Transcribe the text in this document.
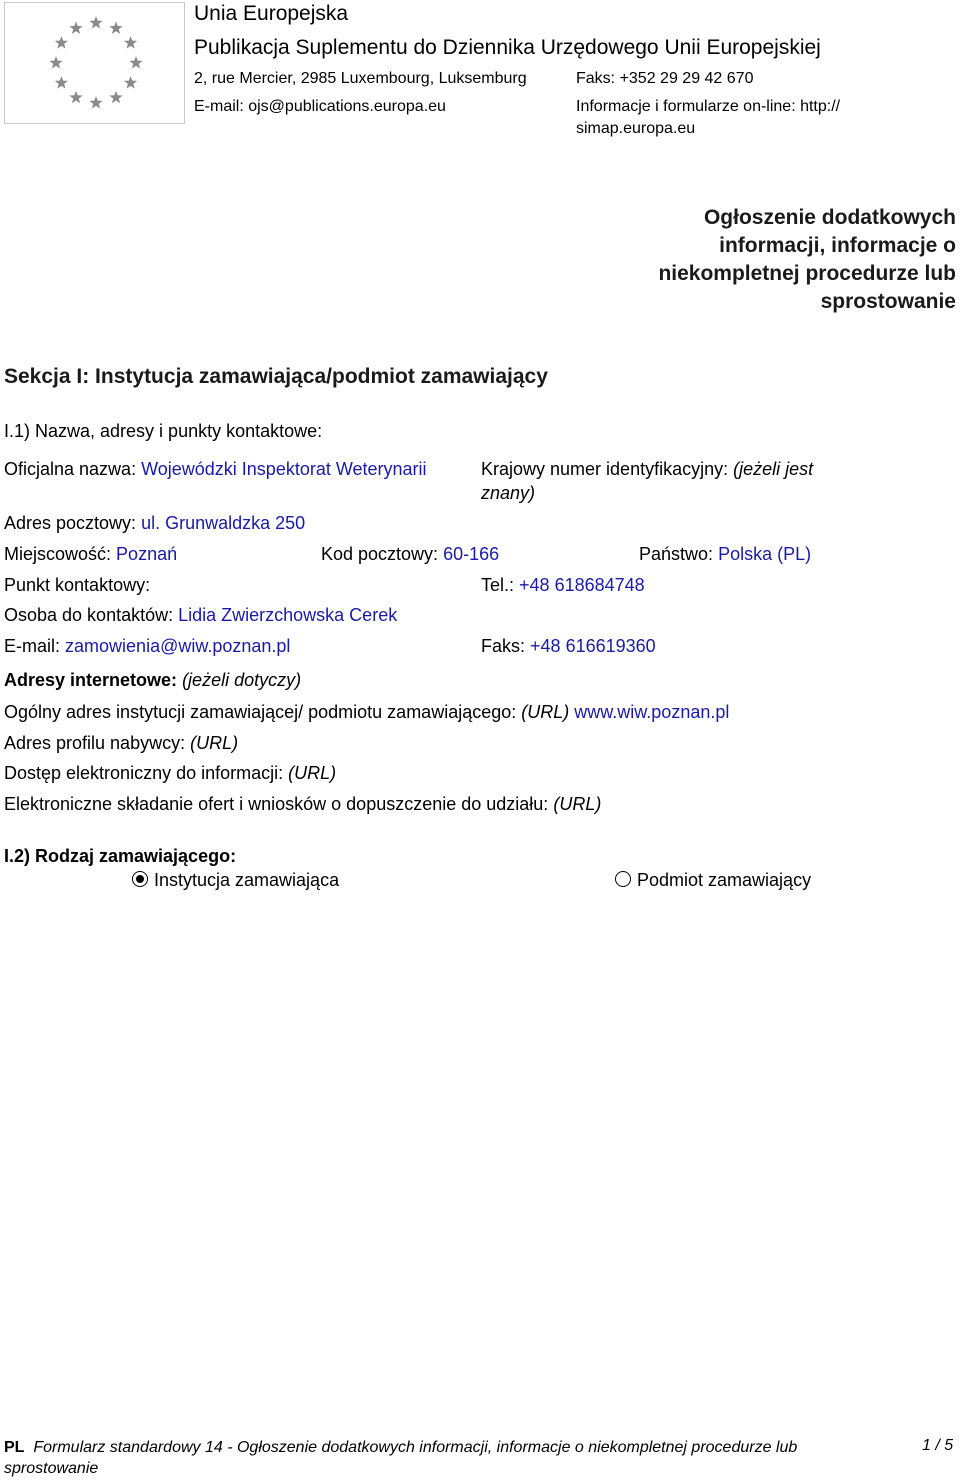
Unia Europejska
Publikacja Suplementu do Dziennika Urzędowego Unii Europejskiej
2, rue Mercier, 2985 Luxembourg, Luksemburg	Faks: +352 29 29 42 670
E-mail: ojs@publications.europa.eu	Informacje i formularze on-line: http://
simap.europa.eu
Ogłoszenie dodatkowych
informacji, informacje o
niekompletnej procedurze lub
sprostowanie
Sekcja I: Instytucja zamawiająca/podmiot zamawiający
I.1) Nazwa, adresy i punkty kontaktowe:
Oficjalna nazwa: Wojewódzki Inspektorat Weterynarii	Krajowy numer identyfikacyjny: (jeżeli jest
znany)
Adres pocztowy: ul. Grunwaldzka 250
Miejscowość: Poznań	Kod pocztowy: 60-166	Państwo: Polska (PL)
Punkt kontaktowy:	Tel.: +48 618684748
Osoba do kontaktów: Lidia Zwierzchowska Cerek
E-mail: zamowienia@wiw.poznan.pl	Faks: +48 616619360
Adresy internetowe: (jeżeli dotyczy)
Ogólny adres instytucji zamawiającej/ podmiotu zamawiającego: (URL) www.wiw.poznan.pl
Adres profilu nabywcy: (URL)
Dostęp elektroniczny do informacji: (URL)
Elektroniczne składanie ofert i wniosków o dopuszczenie do udziału: (URL)
I.2) Rodzaj zamawiającego:
Instytucja zamawiająca	Podmiot zamawiający
PL Formularz standardowy 14 - Ogłoszenie dodatkowych informacji, informacje o niekompletnej procedurze lub
sprostowanie
1 / 5
